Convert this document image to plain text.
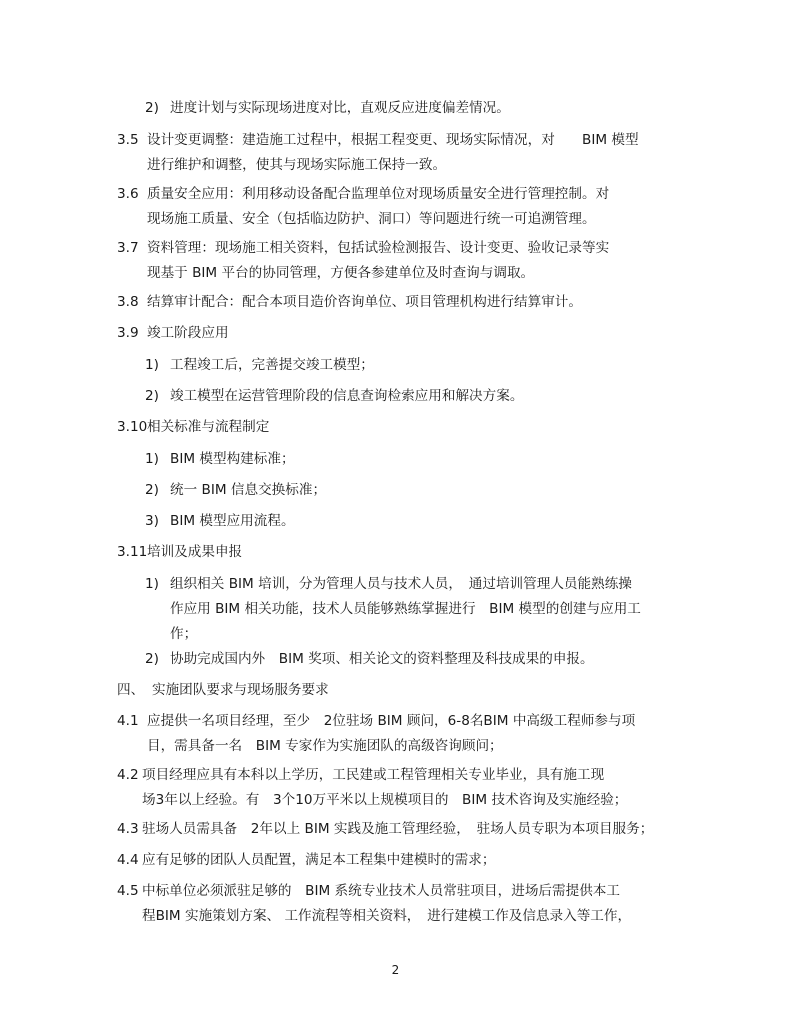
2) 进度计划与实际现场进度对比，直观反应进度偏差情况。
3.5 设计变更调整：建造施工过程中，根据工程变更、现场实际情况，对　　BIM 模型
进行维护和调整，使其与现场实际施工保持一致。
3.6 质量安全应用：利用移动设备配合监理单位对现场质量安全进行管理控制。对
现场施工质量、安全（包括临边防护、洞口）等问题进行统一可追溯管理。
3.7 资料管理：现场施工相关资料，包括试验检测报告、设计变更、验收记录等实
现基于 BIM 平台的协同管理，方便各参建单位及时查询与调取。
3.8 结算审计配合：配合本项目造价咨询单位、项目管理机构进行结算审计。
3.9 竣工阶段应用
1) 工程竣工后，完善提交竣工模型；
2) 竣工模型在运营管理阶段的信息查询检索应用和解决方案。
3.10 相关标准与流程制定
1) BIM 模型构建标准；
2) 统一 BIM 信息交换标准；
3) BIM 模型应用流程。
3.11 培训及成果申报
1) 组织相关 BIM 培训，分为管理人员与技术人员，　通过培训管理人员能熟练操
作应用 BIM 相关功能，技术人员能够熟练掌握进行　BIM 模型的创建与应用工
作；
2) 协助完成国内外　BIM 奖项、相关论文的资料整理及科技成果的申报。
四、 实施团队要求与现场服务要求
4.1 应提供一名项目经理，至少　2位驻场 BIM 顾问，6-8名BIM 中高级工程师参与项
目，需具备一名　BIM 专家作为实施团队的高级咨询顾问；
4.2 项目经理应具有本科以上学历，工民建或工程管理相关专业毕业，具有施工现
场3年以上经验。有　3个10万平米以上规模项目的　BIM 技术咨询及实施经验；
4.3 驻场人员需具备　2年以上 BIM 实践及施工管理经验，　驻场人员专职为本项目服务；
4.4 应有足够的团队人员配置，满足本工程集中建模时的需求；
4.5 中标单位必须派驻足够的　BIM 系统专业技术人员常驻项目，进场后需提供本工
程BIM 实施策划方案、 工作流程等相关资料，　进行建模工作及信息录入等工作，
2
